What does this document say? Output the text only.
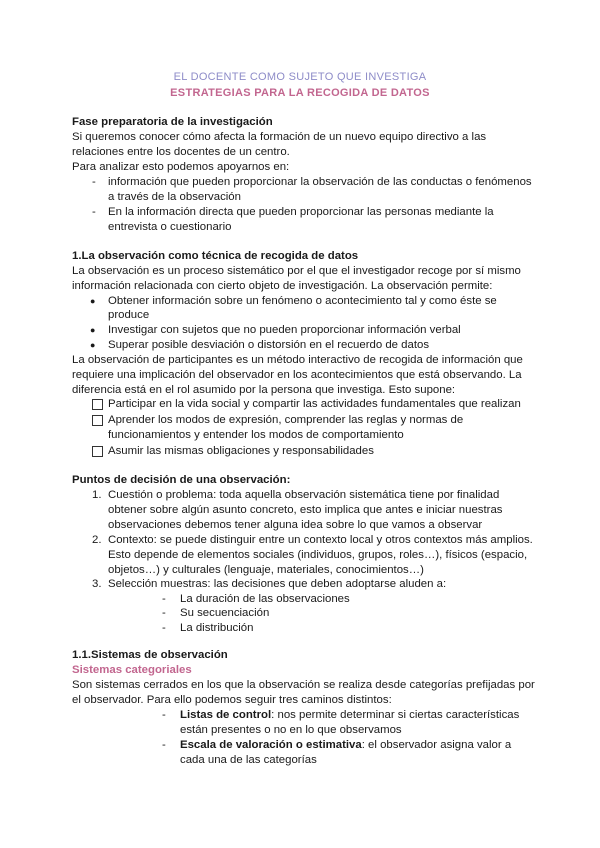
EL DOCENTE COMO SUJETO QUE INVESTIGA
ESTRATEGIAS PARA LA RECOGIDA DE DATOS
Fase preparatoria de la investigación
Si queremos conocer cómo afecta la formación de un nuevo equipo directivo a las
relaciones entre los docentes de un centro.
Para analizar esto podemos apoyarnos en:
- información que pueden proporcionar la observación de las conductas o fenómenos
a través de la observación
- En la información directa que pueden proporcionar las personas mediante la
entrevista o cuestionario
1.La observación como técnica de recogida de datos
La observación es un proceso sistemático por el que el investigador recoge por sí mismo
información relacionada con cierto objeto de investigación. La observación permite:
● Obtener información sobre un fenómeno o acontecimiento tal y como éste se
produce
● Investigar con sujetos que no pueden proporcionar información verbal
● Superar posible desviación o distorsión en el recuerdo de datos
La observación de participantes es un método interactivo de recogida de información que
requiere una implicación del observador en los acontecimientos que está observando. La
diferencia está en el rol asumido por la persona que investiga. Esto supone:
Participar en la vida social y compartir las actividades fundamentales que realizan
Aprender los modos de expresión, comprender las reglas y normas de
funcionamientos y entender los modos de comportamiento
Asumir las mismas obligaciones y responsabilidades
Puntos de decisión de una observación:
1. Cuestión o problema: toda aquella observación sistemática tiene por finalidad
obtener sobre algún asunto concreto, esto implica que antes e iniciar nuestras
observaciones debemos tener alguna idea sobre lo que vamos a observar
2. Contexto: se puede distinguir entre un contexto local y otros contextos más amplios.
Esto depende de elementos sociales (individuos, grupos, roles…), físicos (espacio,
objetos…) y culturales (lenguaje, materiales, conocimientos…)
3. Selección muestras: las decisiones que deben adoptarse aluden a:
- La duración de las observaciones
- Su secuenciación
- La distribución
1.1.Sistemas de observación
Sistemas categoriales
Son sistemas cerrados en los que la observación se realiza desde categorías prefijadas por
el observador. Para ello podemos seguir tres caminos distintos:
- Listas de control: nos permite determinar si ciertas características
están presentes o no en lo que observamos
- Escala de valoración o estimativa: el observador asigna valor a
cada una de las categorías
